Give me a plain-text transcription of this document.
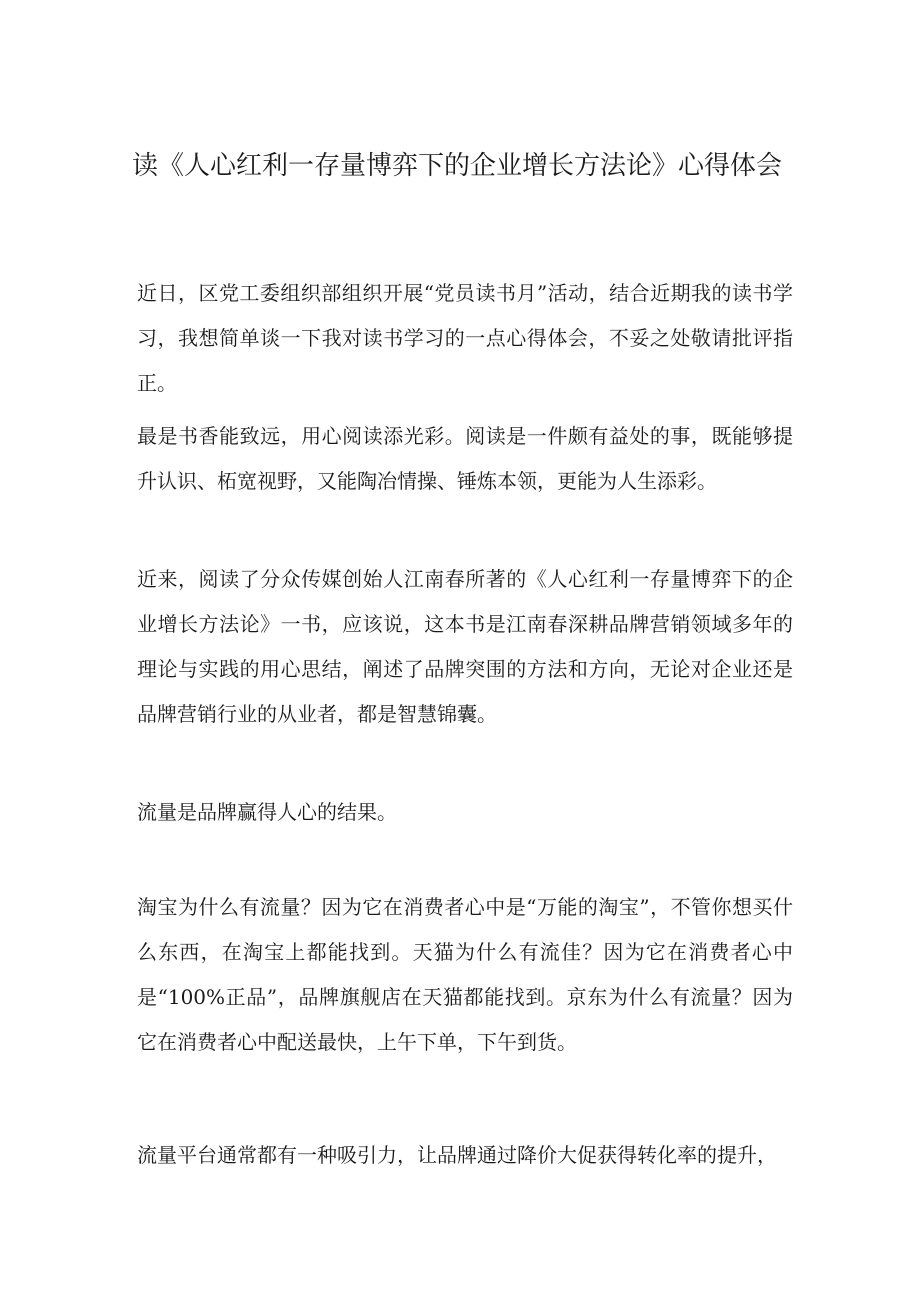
读《人心红利一存量博弈下的企业增长方法论》心得体会

近日，区党工委组织部组织开展“党员读书月”活动，结合近期我的读书学习，我想简单谈一下我对读书学习的一点心得体会，不妥之处敬请批评指正。

最是书香能致远，用心阅读添光彩。阅读是一件颇有益处的事，既能够提升认识、柘宽视野，又能陶冶情操、锤炼本领，更能为人生添彩。

近来，阅读了分众传媒创始人江南春所著的《人心红利一存量博弈下的企业增长方法论》一书，应该说，这本书是江南春深耕品牌营销领域多年的理论与实践的用心思结，阐述了品牌突围的方法和方向，无论对企业还是品牌营销行业的从业者，都是智慧锦囊。

流量是品牌赢得人心的结果。

淘宝为什么有流量？因为它在消费者心中是“万能的淘宝”，不管你想买什么东西，在淘宝上都能找到。天猫为什么有流佳？因为它在消费者心中是“100%正品”，品牌旗舰店在天猫都能找到。京东为什么有流量？因为它在消费者心中配送最快，上午下单，下午到货。

流量平台通常都有一种吸引力，让品牌通过降价大促获得转化率的提升，
